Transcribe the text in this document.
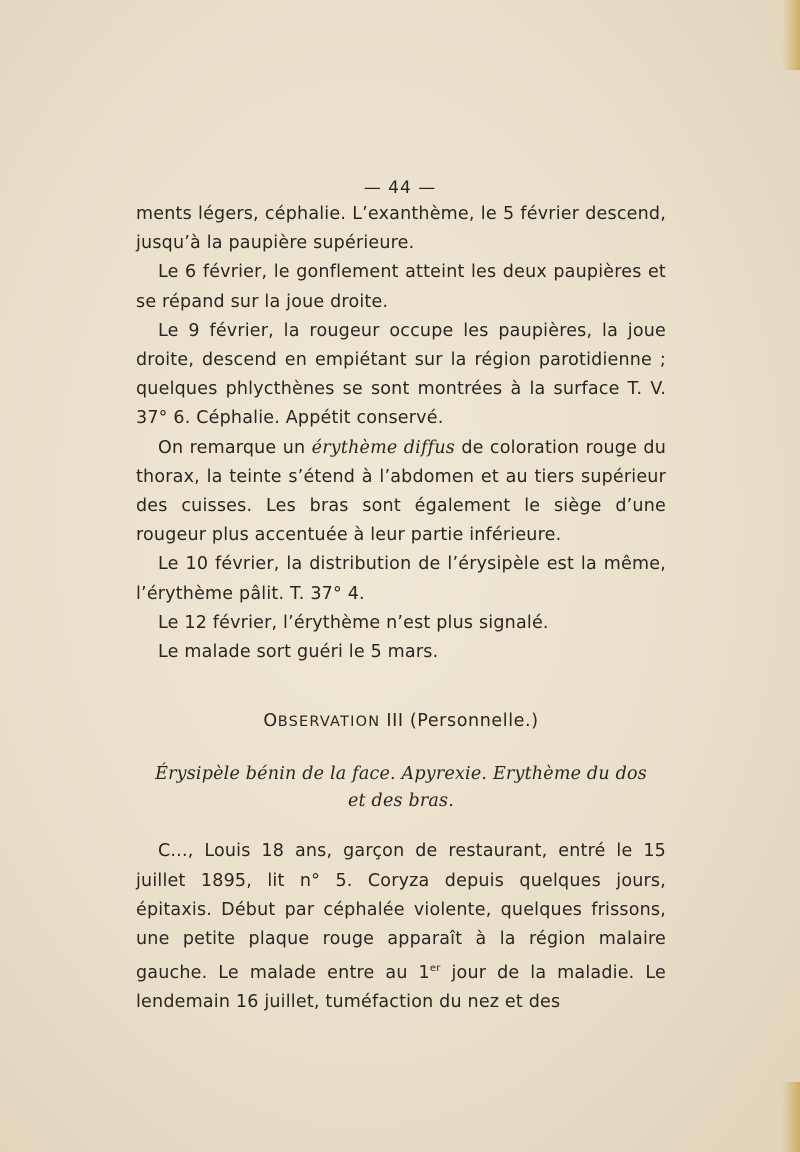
— 44 —

ments légers, céphalie. L’exanthème, le 5 février descend, jusqu’à la paupière supérieure.

Le 6 février, le gonflement atteint les deux paupières et se répand sur la joue droite.

Le 9 février, la rougeur occupe les paupières, la joue droite, descend en empiétant sur la région parotidienne ; quelques phlycthènes se sont montrées à la surface T. V. 37° 6. Céphalie. Appétit conservé.

On remarque un érythème diffus de coloration rouge du thorax, la teinte s’étend à l’abdomen et au tiers supérieur des cuisses. Les bras sont également le siège d’une rougeur plus accentuée à leur partie inférieure.

Le 10 février, la distribution de l’érysipèle est la même, l’érythème pâlit. T. 37° 4.

Le 12 février, l’érythème n’est plus signalé.

Le malade sort guéri le 5 mars.

OBSERVATION III (Personnelle.)

Érysipèle bénin de la face. Apyrexie. Erythème du dos
et des bras.

C..., Louis 18 ans, garçon de restaurant, entré le 15 juillet 1895, lit n° 5. Coryza depuis quelques jours, épitaxis. Début par céphalée violente, quelques frissons, une petite plaque rouge apparaît à la région malaire gauche. Le malade entre au 1er jour de la maladie. Le lendemain 16 juillet, tuméfaction du nez et des
